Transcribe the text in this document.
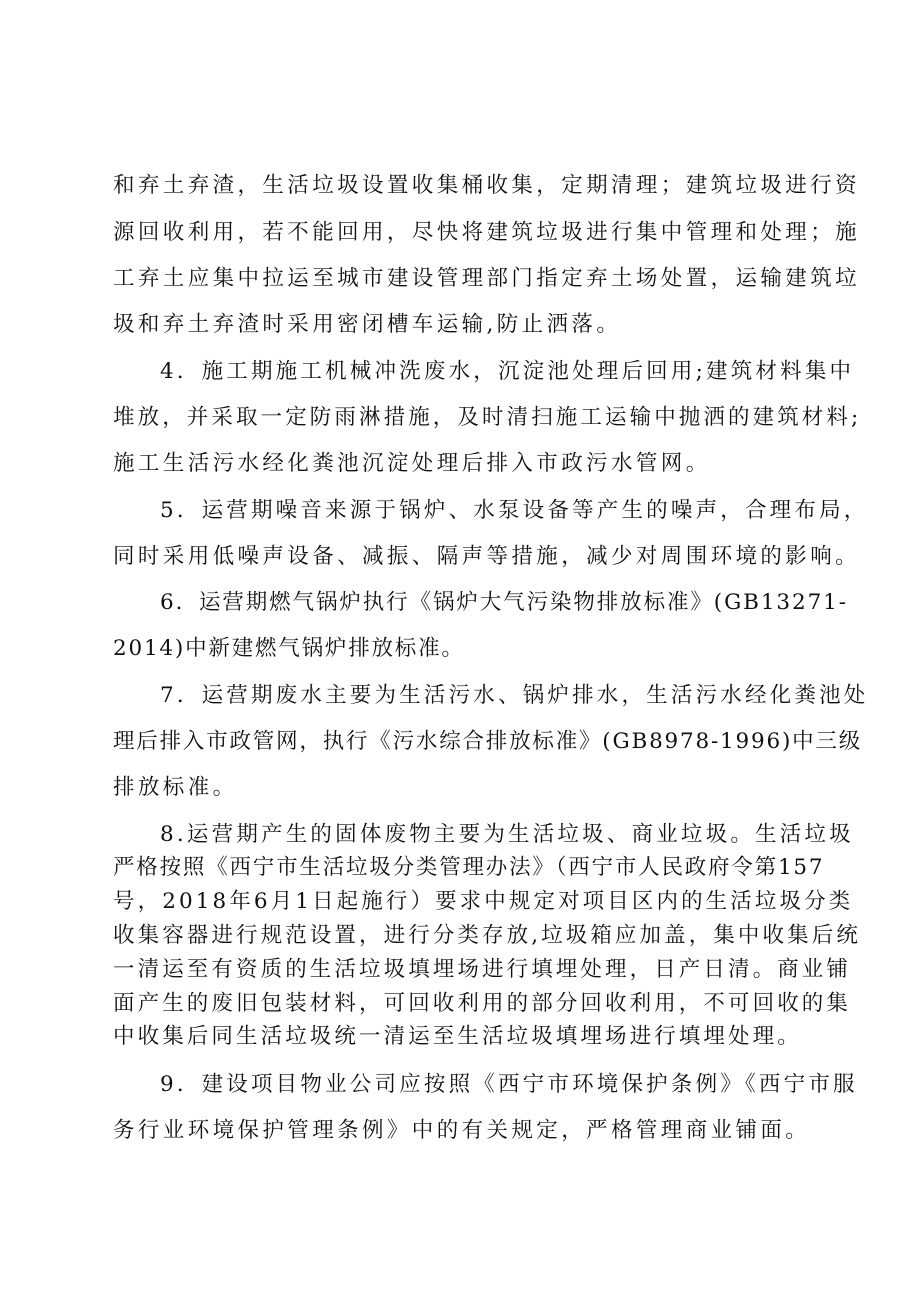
和弃土弃渣，生活垃圾设置收集桶收集，定期清理；建筑垃圾进行资

源回收利用，若不能回用，尽快将建筑垃圾进行集中管理和处理；施

工弃土应集中拉运至城市建设管理部门指定弃土场处置，运输建筑垃

圾和弃土弃渣时采用密闭槽车运输,防止洒落。

4．施工期施工机械冲洗废水，沉淀池处理后回用;建筑材料集中

堆放，并采取一定防雨淋措施，及时清扫施工运输中抛洒的建筑材料;

施工生活污水经化粪池沉淀处理后排入市政污水管网。

5．运营期噪音来源于锅炉、水泵设备等产生的噪声，合理布局，

同时采用低噪声设备、减振、隔声等措施，减少对周围环境的影响。

6．运营期燃气锅炉执行《锅炉大气污染物排放标准》(GB13271-

2014)中新建燃气锅炉排放标准。

7．运营期废水主要为生活污水、锅炉排水，生活污水经化粪池处

理后排入市政管网，执行《污水综合排放标准》(GB8978-1996)中三级

排放标准。

8.运营期产生的固体废物主要为生活垃圾、商业垃圾。生活垃圾

严格按照《西宁市生活垃圾分类管理办法》（西宁市人民政府令第157

号，2018年6月1日起施行）要求中规定对项目区内的生活垃圾分类

收集容器进行规范设置，进行分类存放,垃圾箱应加盖，集中收集后统

一清运至有资质的生活垃圾填埋场进行填埋处理，日产日清。商业铺

面产生的废旧包装材料，可回收利用的部分回收利用，不可回收的集

中收集后同生活垃圾统一清运至生活垃圾填埋场进行填埋处理。

9．建设项目物业公司应按照《西宁市环境保护条例》《西宁市服

务行业环境保护管理条例》中的有关规定，严格管理商业铺面。
